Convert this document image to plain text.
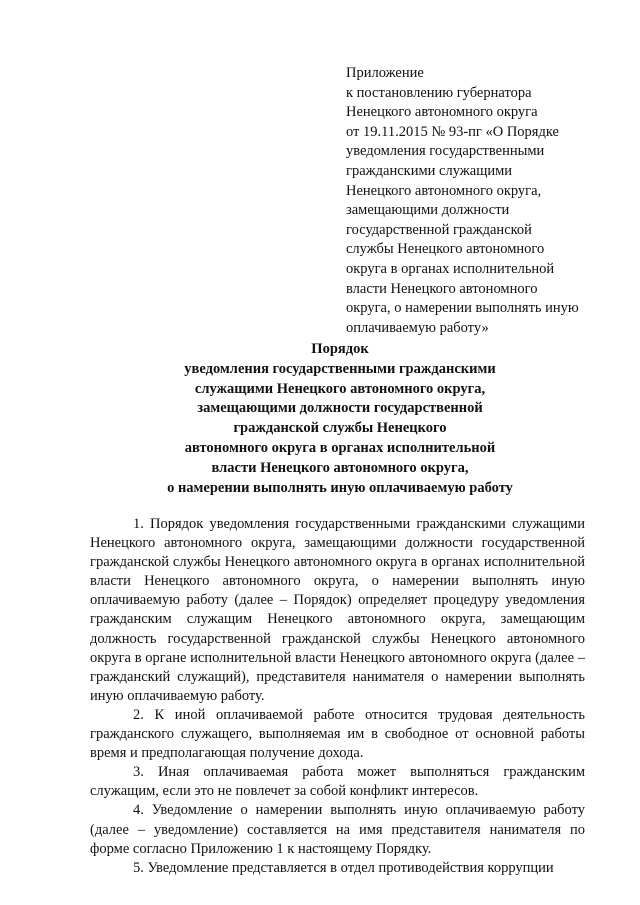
Приложение
к постановлению губернатора
Ненецкого автономного округа
от 19.11.2015 № 93-пг «О Порядке
уведомления государственными
гражданскими служащими
Ненецкого автономного округа,
замещающими должности
государственной гражданской
службы Ненецкого автономного
округа в органах исполнительной
власти Ненецкого автономного
округа, о намерении выполнять иную
оплачиваемую работу»
Порядок
уведомления государственными гражданскими
служащими Ненецкого автономного округа,
замещающими должности государственной
гражданской службы Ненецкого
автономного округа в органах исполнительной
власти Ненецкого автономного округа,
о намерении выполнять иную оплачиваемую работу

1. Порядок уведомления государственными гражданскими служащими Ненецкого автономного округа, замещающими должности государственной гражданской службы Ненецкого автономного округа в органах исполнительной власти Ненецкого автономного округа, о намерении выполнять иную оплачиваемую работу (далее – Порядок) определяет процедуру уведомления гражданским служащим Ненецкого автономного округа, замещающим должность государственной гражданской службы Ненецкого автономного округа в органе исполнительной власти Ненецкого автономного округа (далее – гражданский служащий), представителя нанимателя о намерении выполнять иную оплачиваемую работу.

2. К иной оплачиваемой работе относится трудовая деятельность гражданского служащего, выполняемая им в свободное от основной работы время и предполагающая получение дохода.

3. Иная оплачиваемая работа может выполняться гражданским служащим, если это не повлечет за собой конфликт интересов.

4. Уведомление о намерении выполнять иную оплачиваемую работу (далее – уведомление) составляется на имя представителя нанимателя по форме согласно Приложению 1 к настоящему Порядку.

5. Уведомление представляется в отдел противодействия коррупции
